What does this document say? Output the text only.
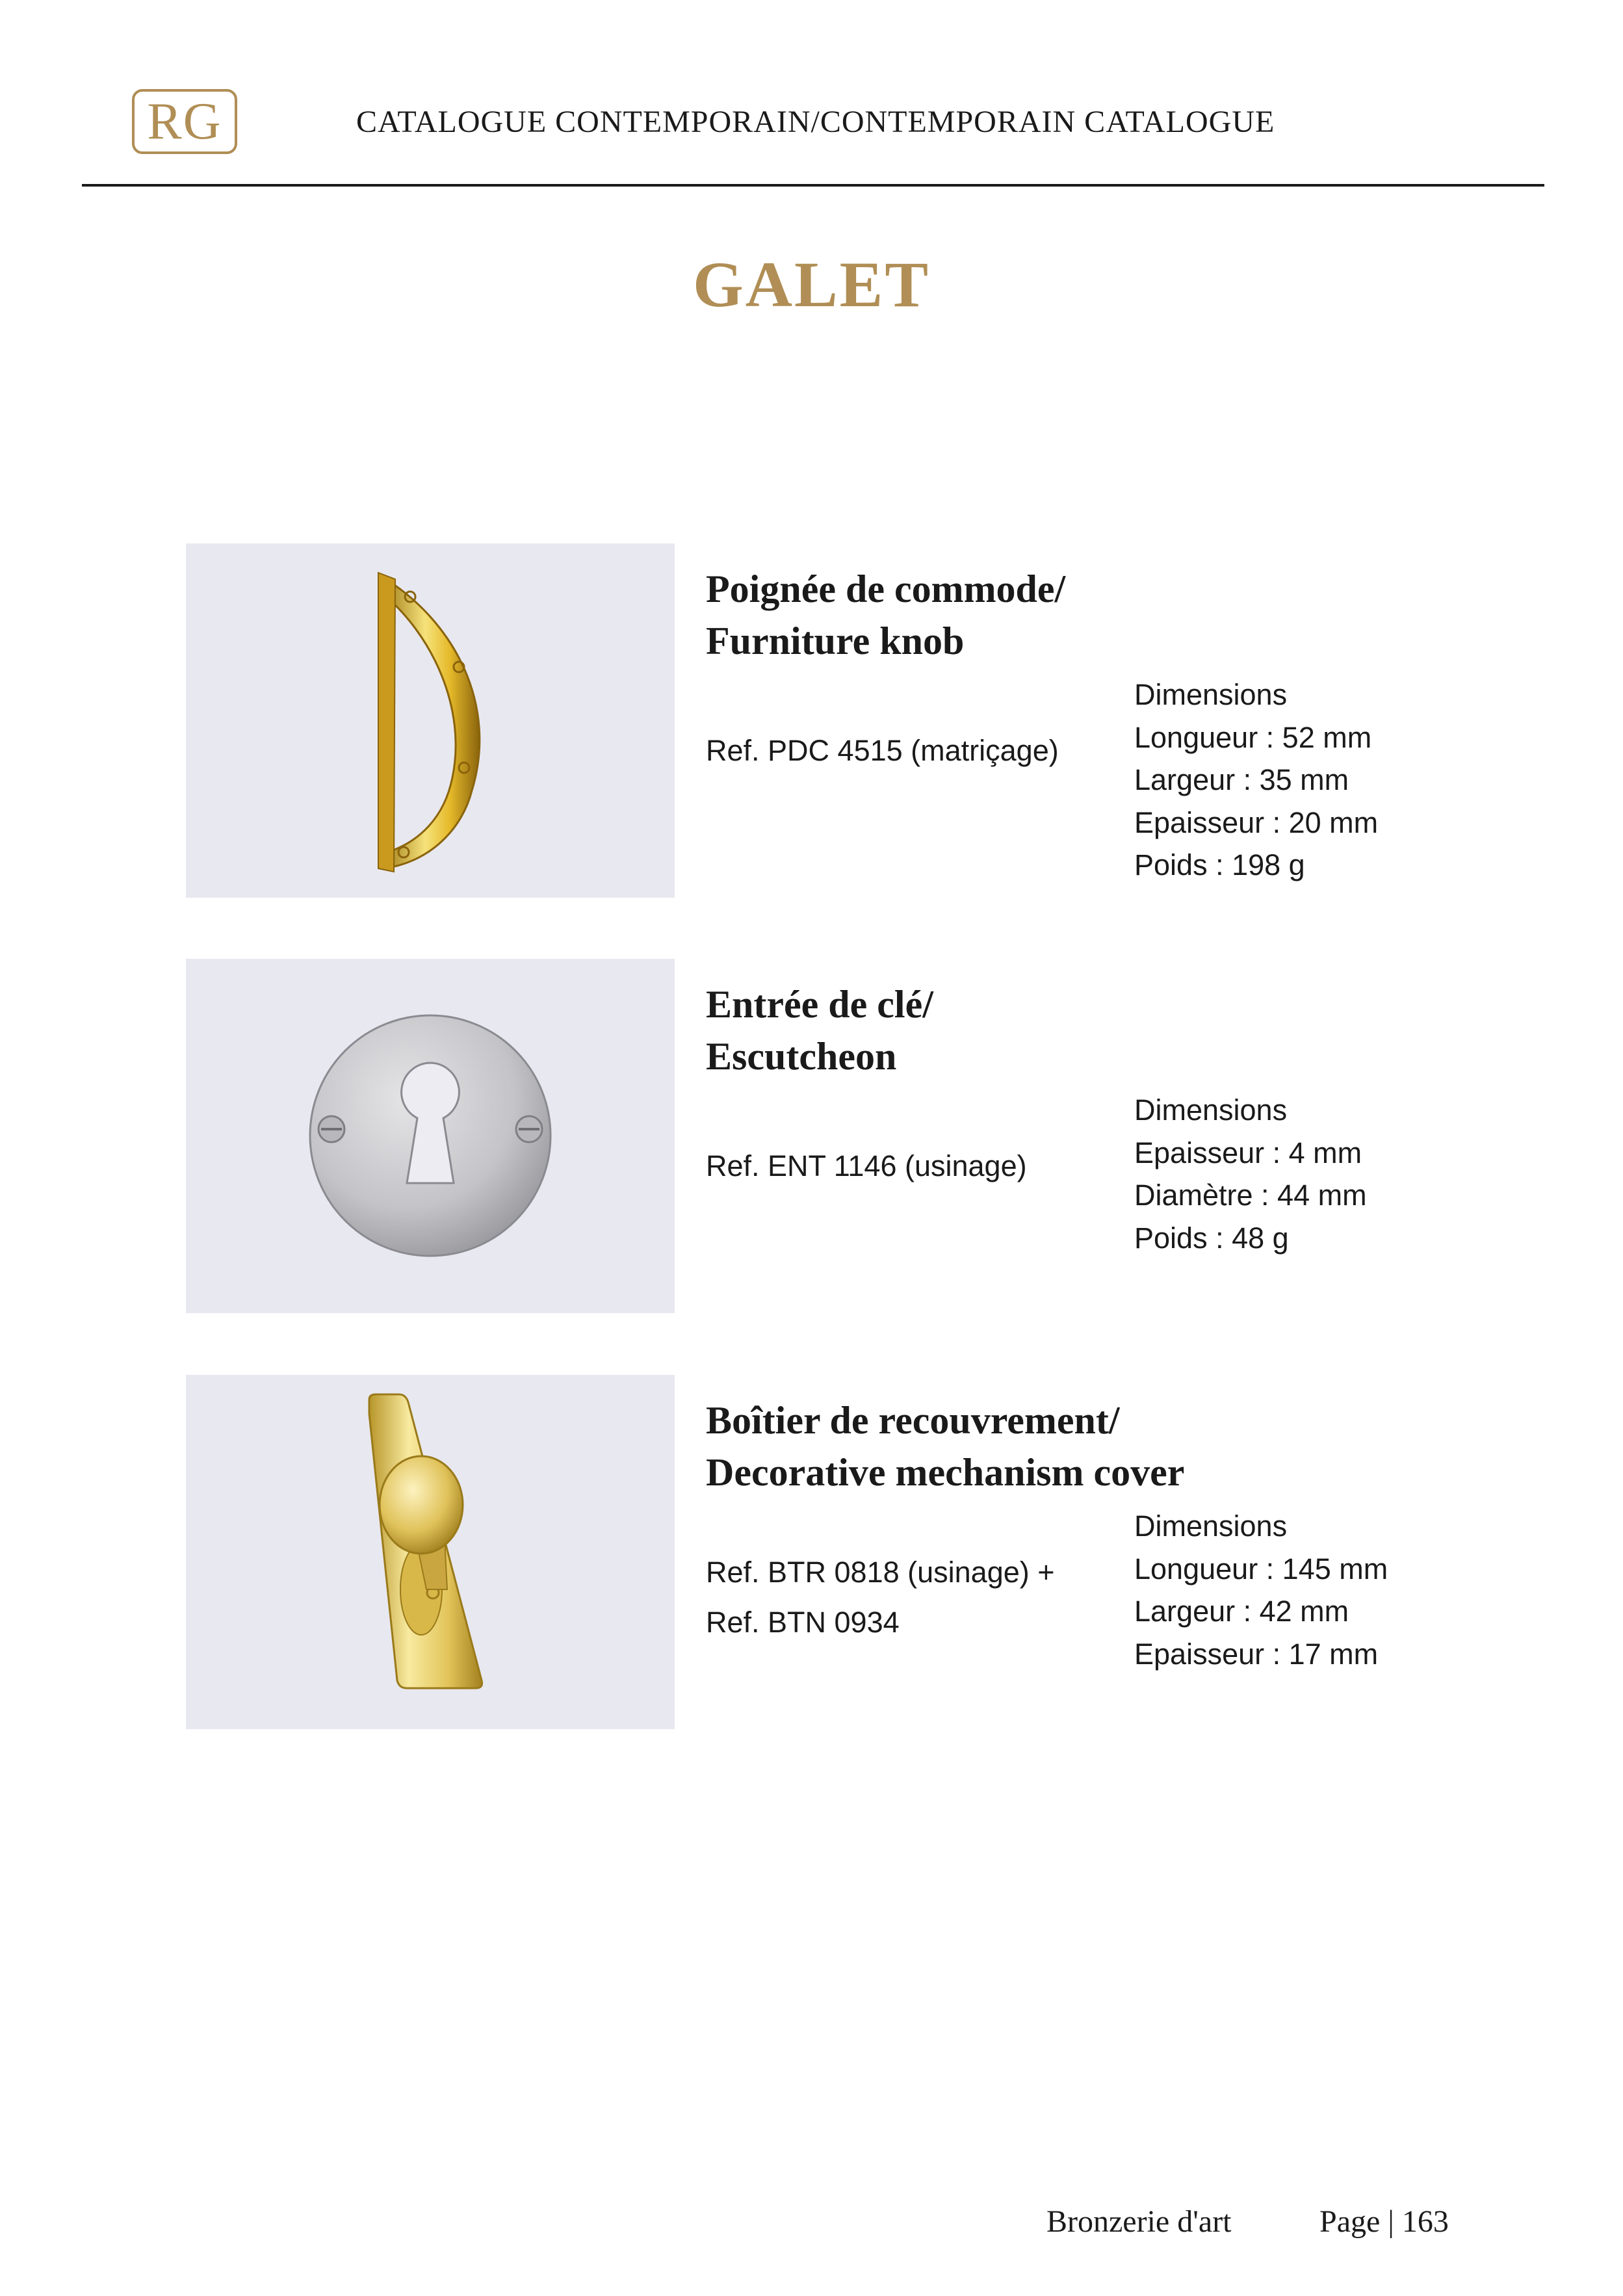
RG	CATALOGUE CONTEMPORAIN/CONTEMPORAIN CATALOGUE
GALET
Poignée de commode/
Furniture knob
Ref. PDC 4515 (matriçage)
Dimensions
Longueur : 52 mm
Largeur : 35 mm
Epaisseur : 20 mm
Poids : 198 g
Entrée de clé/
Escutcheon
Ref. ENT 1146 (usinage)
Dimensions
Epaisseur : 4 mm
Diamètre : 44 mm
Poids : 48 g
Boîtier de recouvrement/
Decorative mechanism cover
Ref. BTR 0818 (usinage) +
Ref. BTN 0934
Dimensions
Longueur : 145 mm
Largeur : 42 mm
Epaisseur : 17 mm
Bronzerie d'art	Page | 163
